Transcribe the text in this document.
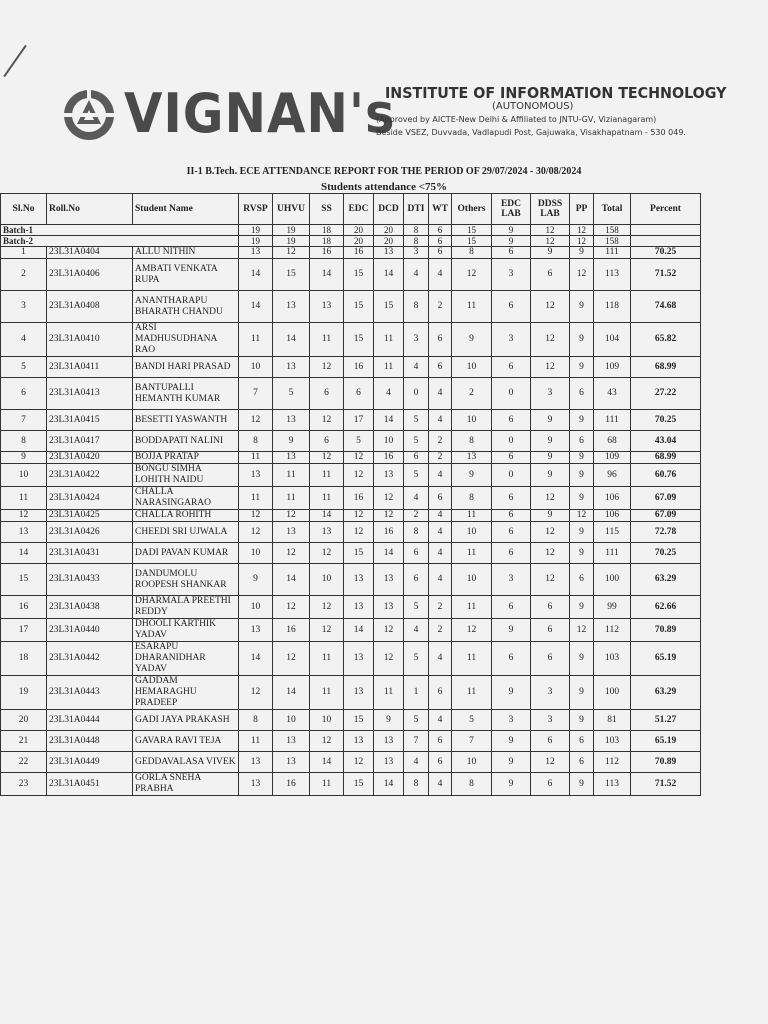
VIGNAN's
INSTITUTE OF INFORMATION TECHNOLOGY
(AUTONOMOUS)
(Approved by AICTE-New Delhi & Affiliated to JNTU-GV, Vizianagaram)
Beside VSEZ, Duvvada, Vadlapudi Post, Gajuwaka, Visakhapatnam - 530 049.
II-1 B.Tech. ECE ATTENDANCE REPORT FOR THE PERIOD OF 29/07/2024 - 30/08/2024
Students attendance <75%
Sl.No	Roll.No	Student Name	RVSP	UHVU	SS	EDC	DCD	DTI	WT	Others	EDC LAB	DDSS LAB	PP	Total	Percent
Batch-1			19	19	18	20	20	8	6	15	9	12	12	158	
Batch-2			19	19	18	20	20	8	6	15	9	12	12	158	
1	23L31A0404	ALLU NITHIN	13	12	16	16	13	3	6	8	6	9	9	111	70.25
2	23L31A0406	AMBATI VENKATA RUPA	14	15	14	15	14	4	4	12	3	6	12	113	71.52
3	23L31A0408	ANANTHARAPU BHARATH CHANDU	14	13	13	15	15	8	2	11	6	12	9	118	74.68
4	23L31A0410	ARSI MADHUSUDHANA RAO	11	14	11	15	11	3	6	9	3	12	9	104	65.82
5	23L31A0411	BANDI HARI PRASAD	10	13	12	16	11	4	6	10	6	12	9	109	68.99
6	23L31A0413	BANTUPALLI HEMANTH KUMAR	7	5	6	6	4	0	4	2	0	3	6	43	27.22
7	23L31A0415	BESETTI YASWANTH	12	13	12	17	14	5	4	10	6	9	9	111	70.25
8	23L31A0417	BODDAPATI NALINI	8	9	6	5	10	5	2	8	0	9	6	68	43.04
9	23L31A0420	BOJJA PRATAP	11	13	12	12	16	6	2	13	6	9	9	109	68.99
10	23L31A0422	BONGU SIMHA LOHITH NAIDU	13	11	11	12	13	5	4	9	0	9	9	96	60.76
11	23L31A0424	CHALLA NARASINGARAO	11	11	11	16	12	4	6	8	6	12	9	106	67.09
12	23L31A0425	CHALLA ROHITH	12	12	14	12	12	2	4	11	6	9	12	106	67.09
13	23L31A0426	CHEEDI SRI UJWALA	12	13	13	12	16	8	4	10	6	12	9	115	72.78
14	23L31A0431	DADI PAVAN KUMAR	10	12	12	15	14	6	4	11	6	12	9	111	70.25
15	23L31A0433	DANDUMOLU ROOPESH SHANKAR	9	14	10	13	13	6	4	10	3	12	6	100	63.29
16	23L31A0438	DHARMALA PREETHI REDDY	10	12	12	13	13	5	2	11	6	6	9	99	62.66
17	23L31A0440	DHOOLI KARTHIK YADAV	13	16	12	14	12	4	2	12	9	6	12	112	70.89
18	23L31A0442	ESARAPU DHARANIDHAR YADAV	14	12	11	13	12	5	4	11	6	6	9	103	65.19
19	23L31A0443	GADDAM HEMARAGHU PRADEEP	12	14	11	13	11	1	6	11	9	3	9	100	63.29
20	23L31A0444	GADI JAYA PRAKASH	8	10	10	15	9	5	4	5	3	3	9	81	51.27
21	23L31A0448	GAVARA RAVI TEJA	11	13	12	13	13	7	6	7	9	6	6	103	65.19
22	23L31A0449	GEDDAVALASA VIVEK	13	13	14	12	13	4	6	10	9	12	6	112	70.89
23	23L31A0451	GORLA SNEHA PRABHA	13	16	11	15	14	8	4	8	9	6	9	113	71.52
